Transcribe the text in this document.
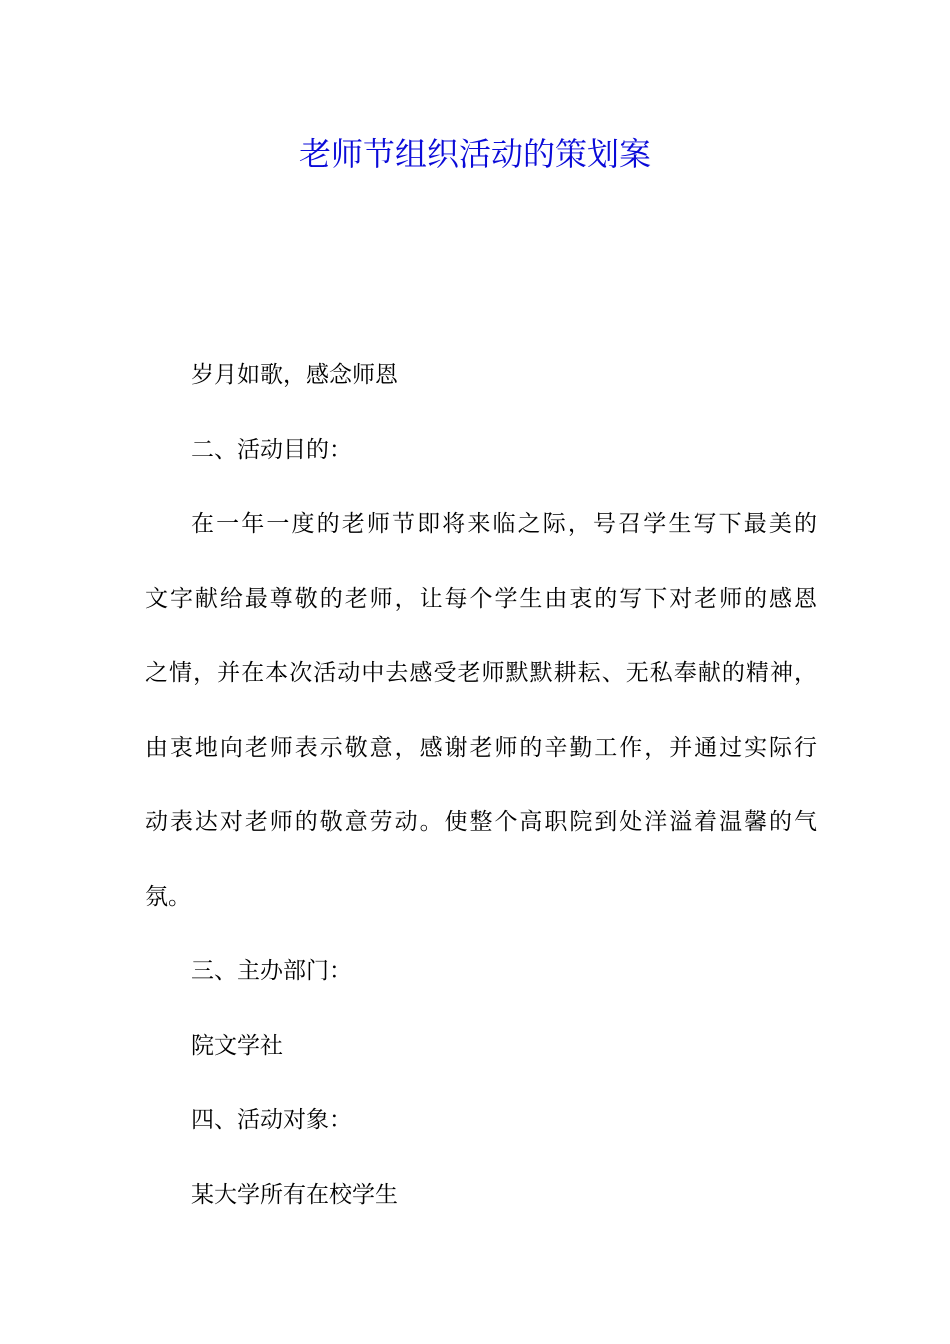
老师节组织活动的策划案

岁月如歌，感念师恩

二、活动目的：

在一年一度的老师节即将来临之际，号召学生写下最美的
文字献给最尊敬的老师，让每个学生由衷的写下对老师的感恩
之情，并在本次活动中去感受老师默默耕耘、无私奉献的精神，
由衷地向老师表示敬意，感谢老师的辛勤工作，并通过实际行
动表达对老师的敬意劳动。使整个高职院到处洋溢着温馨的气
氛。

三、主办部门：

院文学社

四、活动对象：

某大学所有在校学生
